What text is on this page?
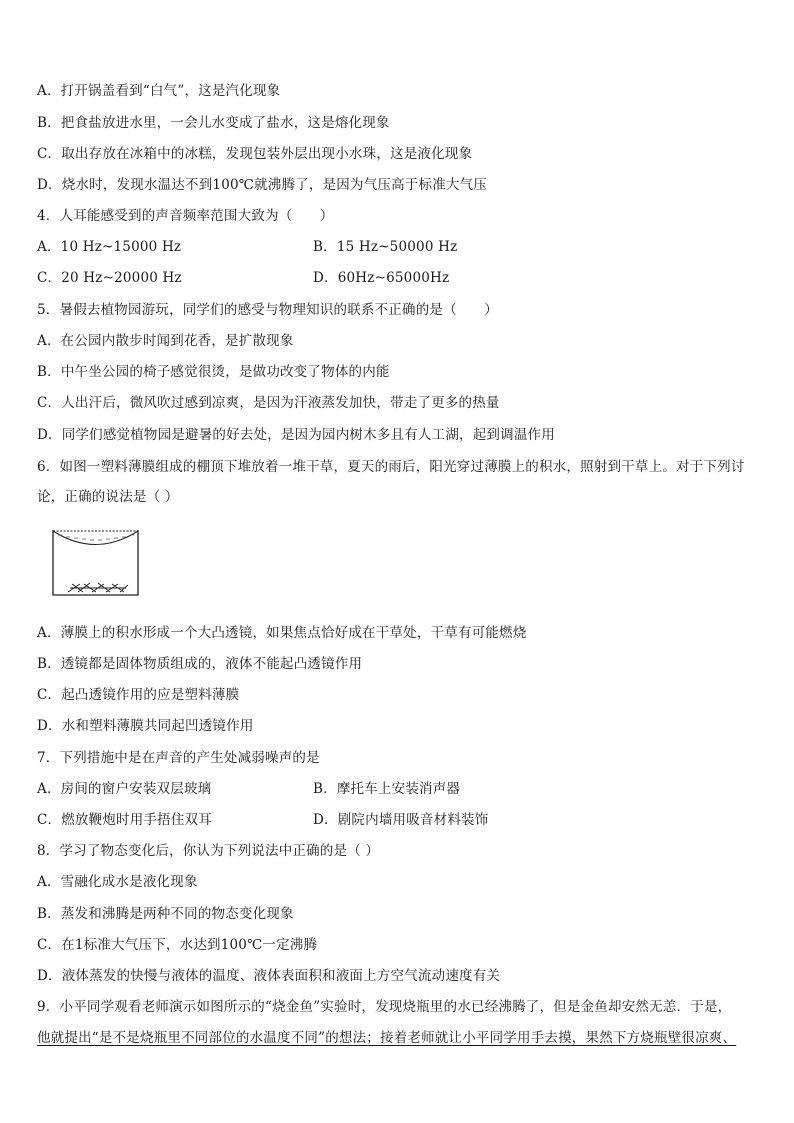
A．打开锅盖看到“白气”，这是汽化现象
B．把食盐放进水里，一会儿水变成了盐水，这是熔化现象
C．取出存放在冰箱中的冰糕，发现包装外层出现小水珠，这是液化现象
D．烧水时，发现水温达不到100℃就沸腾了，是因为气压高于标准大气压
4．人耳能感受到的声音频率范围大致为（　　）
A．10 Hz~15000 Hz	B．15 Hz~50000 Hz
C．20 Hz~20000 Hz	D．60Hz~65000Hz
5．暑假去植物园游玩，同学们的感受与物理知识的联系不正确的是（　　）
A．在公园内散步时闻到花香，是扩散现象
B．中午坐公园的椅子感觉很烫，是做功改变了物体的内能
C．人出汗后，微风吹过感到凉爽，是因为汗液蒸发加快，带走了更多的热量
D．同学们感觉植物园是避暑的好去处，是因为园内树木多且有人工湖，起到调温作用
6．如图一塑料薄膜组成的棚顶下堆放着一堆干草，夏天的雨后，阳光穿过薄膜上的积水，照射到干草上。对于下列讨
论，正确的说法是（ ）
A．薄膜上的积水形成一个大凸透镜，如果焦点恰好成在干草处，干草有可能燃烧
B．透镜都是固体物质组成的，液体不能起凸透镜作用
C．起凸透镜作用的应是塑料薄膜
D．水和塑料薄膜共同起凹透镜作用
7．下列措施中是在声音的产生处减弱噪声的是
A．房间的窗户安装双层玻璃	B．摩托车上安装消声器
C．燃放鞭炮时用手捂住双耳	D．剧院内墙用吸音材料装饰
8．学习了物态变化后，你认为下列说法中正确的是（ ）
A．雪融化成水是液化现象
B．蒸发和沸腾是两种不同的物态变化现象
C．在1标准大气压下，水达到100℃一定沸腾
D．液体蒸发的快慢与液体的温度、液体表面积和液面上方空气流动速度有关
9．小平同学观看老师演示如图所示的“烧金鱼”实验时，发现烧瓶里的水已经沸腾了，但是金鱼却安然无恙．于是，
他就提出“是不是烧瓶里不同部位的水温度不同”的想法；接着老师就让小平同学用手去摸，果然下方烧瓶壁很凉爽、
